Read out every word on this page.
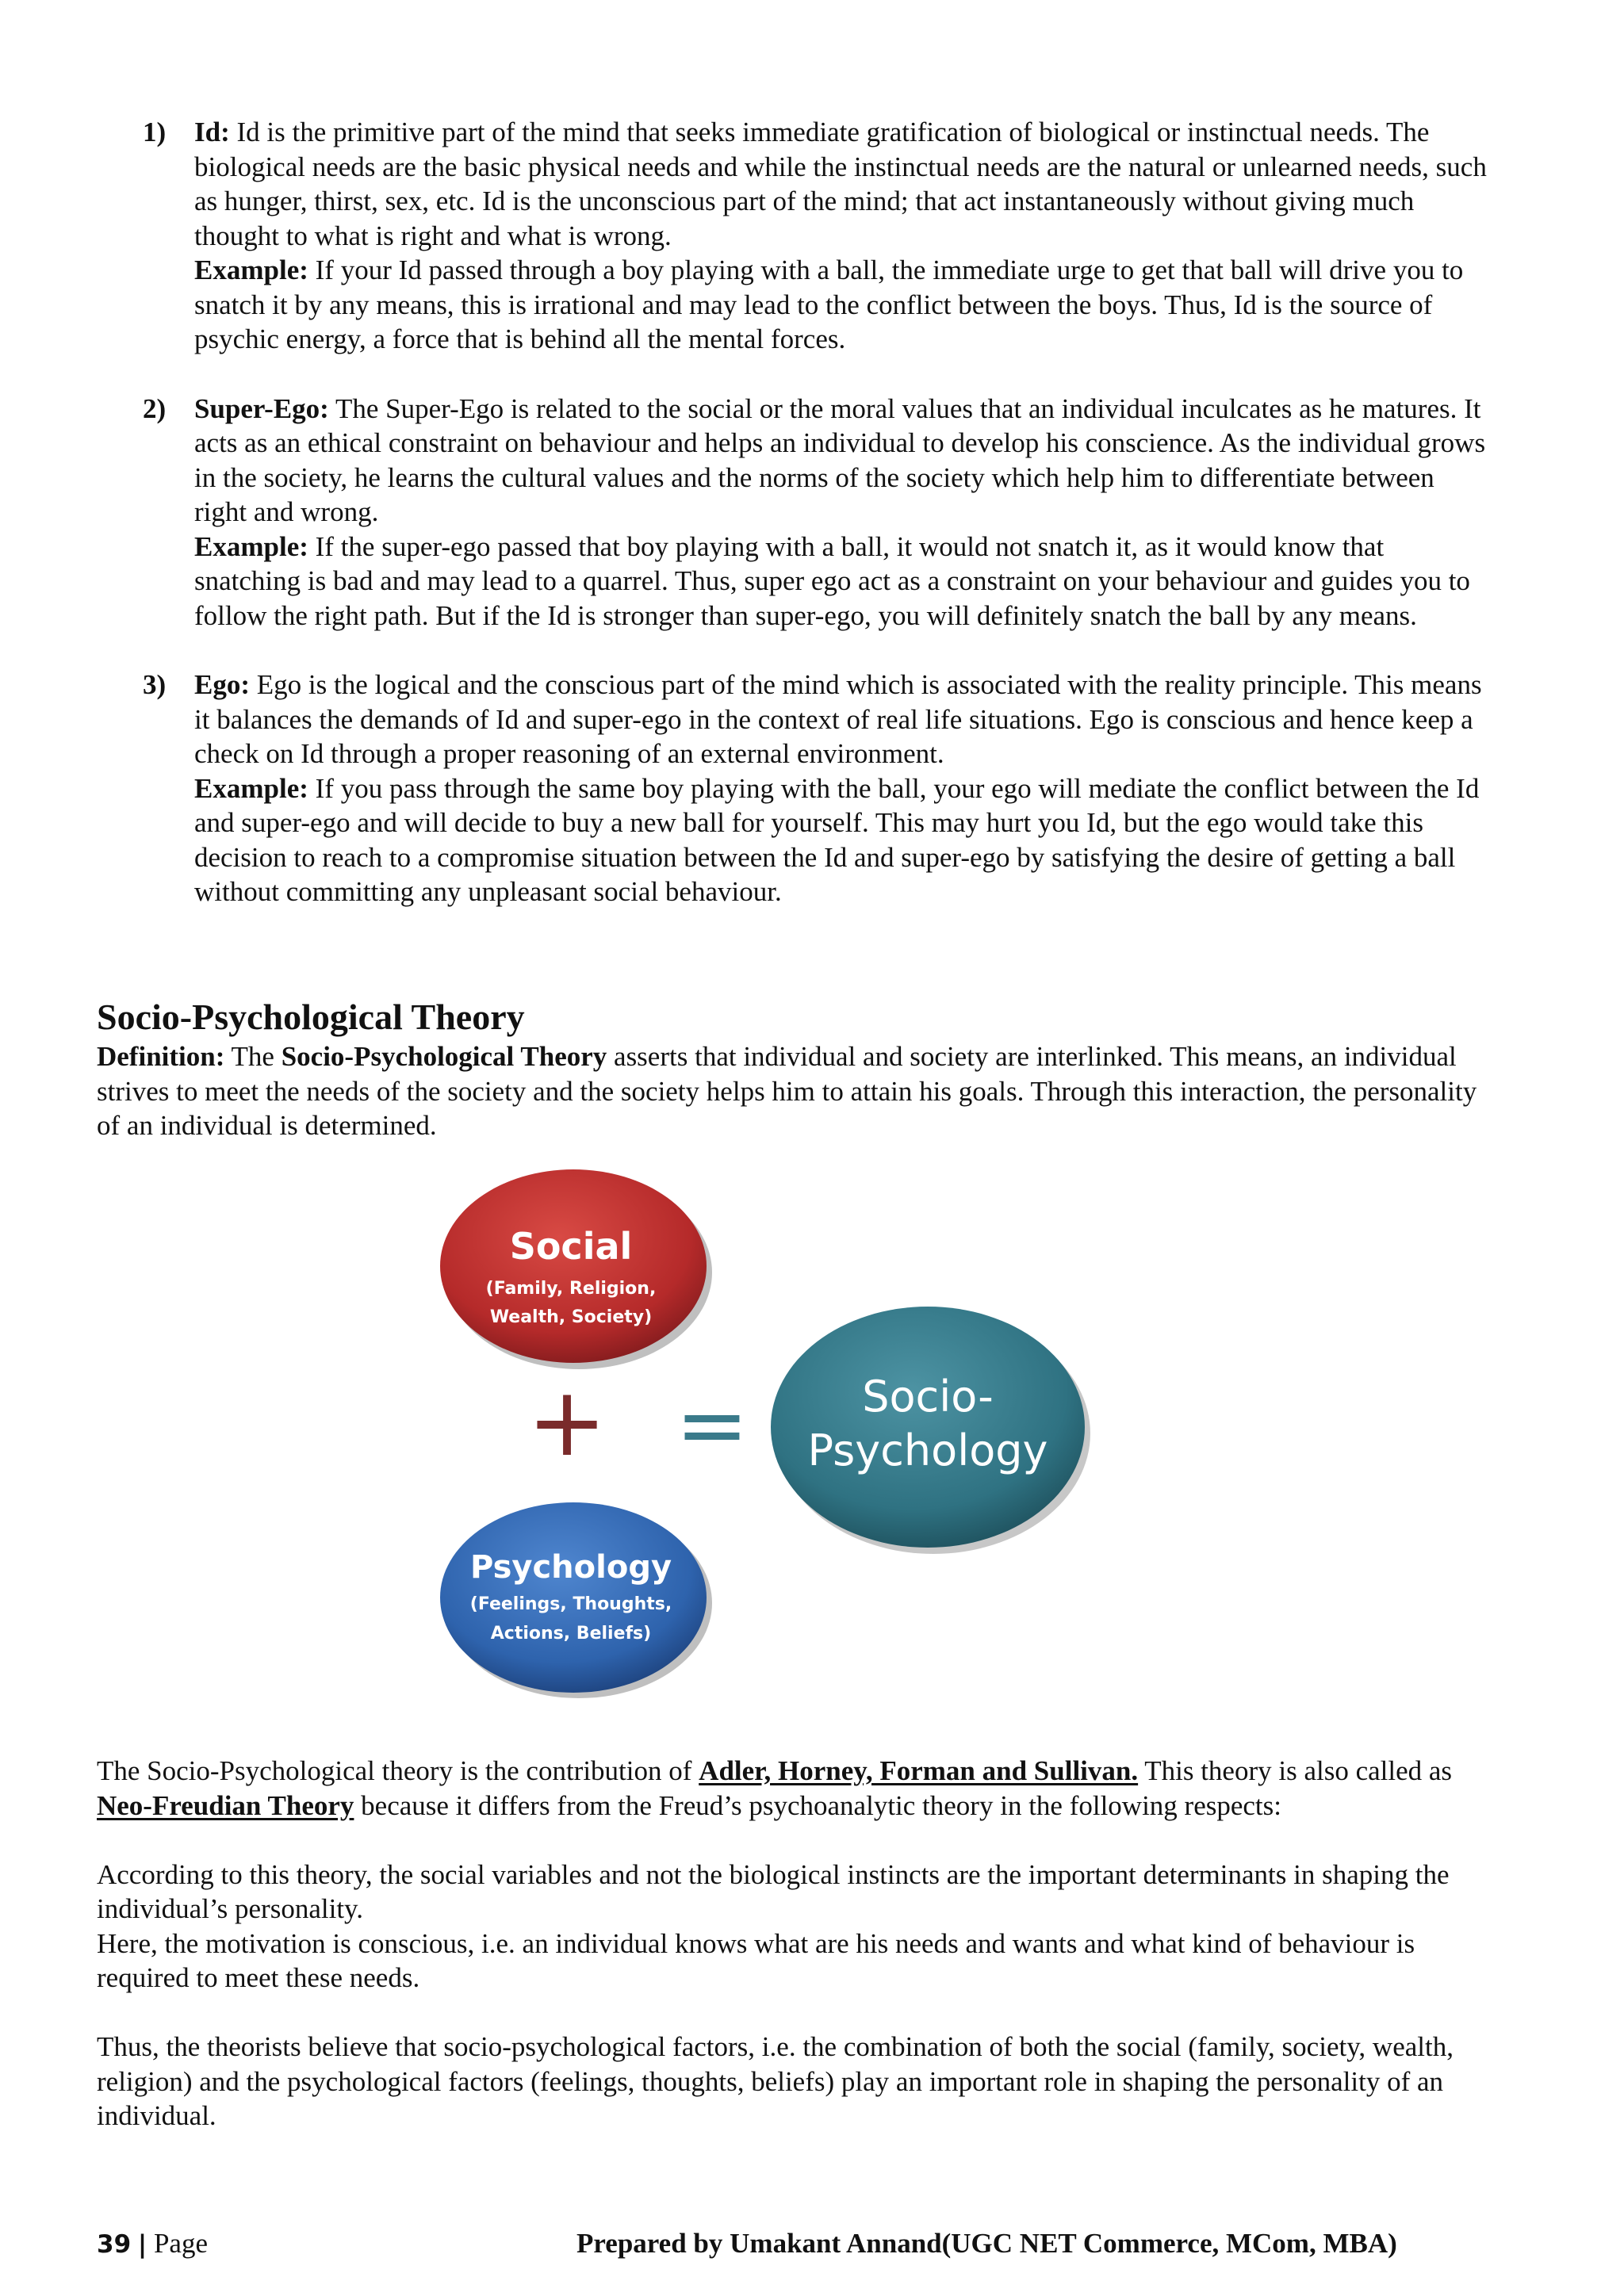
1)	Id: Id is the primitive part of the mind that seeks immediate gratification of biological or instinctual needs. The biological needs are the basic physical needs and while the instinctual needs are the natural or unlearned needs, such as hunger, thirst, sex, etc. Id is the unconscious part of the mind; that act instantaneously without giving much thought to what is right and what is wrong.
Example: If your Id passed through a boy playing with a ball, the immediate urge to get that ball will drive you to snatch it by any means, this is irrational and may lead to the conflict between the boys. Thus, Id is the source of psychic energy, a force that is behind all the mental forces.
2)	Super-Ego: The Super-Ego is related to the social or the moral values that an individual inculcates as he matures. It acts as an ethical constraint on behaviour and helps an individual to develop his conscience. As the individual grows in the society, he learns the cultural values and the norms of the society which help him to differentiate between right and wrong.
Example: If the super-ego passed that boy playing with a ball, it would not snatch it, as it would know that snatching is bad and may lead to a quarrel. Thus, super ego act as a constraint on your behaviour and guides you to follow the right path. But if the Id is stronger than super-ego, you will definitely snatch the ball by any means.
3)	Ego: Ego is the logical and the conscious part of the mind which is associated with the reality principle. This means it balances the demands of Id and super-ego in the context of real life situations. Ego is conscious and hence keep a check on Id through a proper reasoning of an external environment.
Example: If you pass through the same boy playing with the ball, your ego will mediate the conflict between the Id and super-ego and will decide to buy a new ball for yourself. This may hurt you Id, but the ego would take this decision to reach to a compromise situation between the Id and super-ego by satisfying the desire of getting a ball without committing any unpleasant social behaviour.
Socio-Psychological Theory
Definition: The Socio-Psychological Theory asserts that individual and society are interlinked. This means, an individual strives to meet the needs of the society and the society helps him to attain his goals. Through this interaction, the personality of an individual is determined.
Social
(Family, Religion,
Wealth, Society)
+ =
Psychology
(Feelings, Thoughts,
Actions, Beliefs)
Socio-
Psychology

The Socio-Psychological theory is the contribution of Adler, Horney, Forman and Sullivan. This theory is also called as Neo-Freudian Theory because it differs from the Freud’s psychoanalytic theory in the following respects:

According to this theory, the social variables and not the biological instincts are the important determinants in shaping the individual’s personality.

Here, the motivation is conscious, i.e. an individual knows what are his needs and wants and what kind of behaviour is required to meet these needs.

Thus, the theorists believe that socio-psychological factors, i.e. the combination of both the social (family, society, wealth, religion) and the psychological factors (feelings, thoughts, beliefs) play an important role in shaping the personality of an individual.

39 | Page	Prepared by Umakant Annand(UGC NET Commerce, MCom, MBA)
